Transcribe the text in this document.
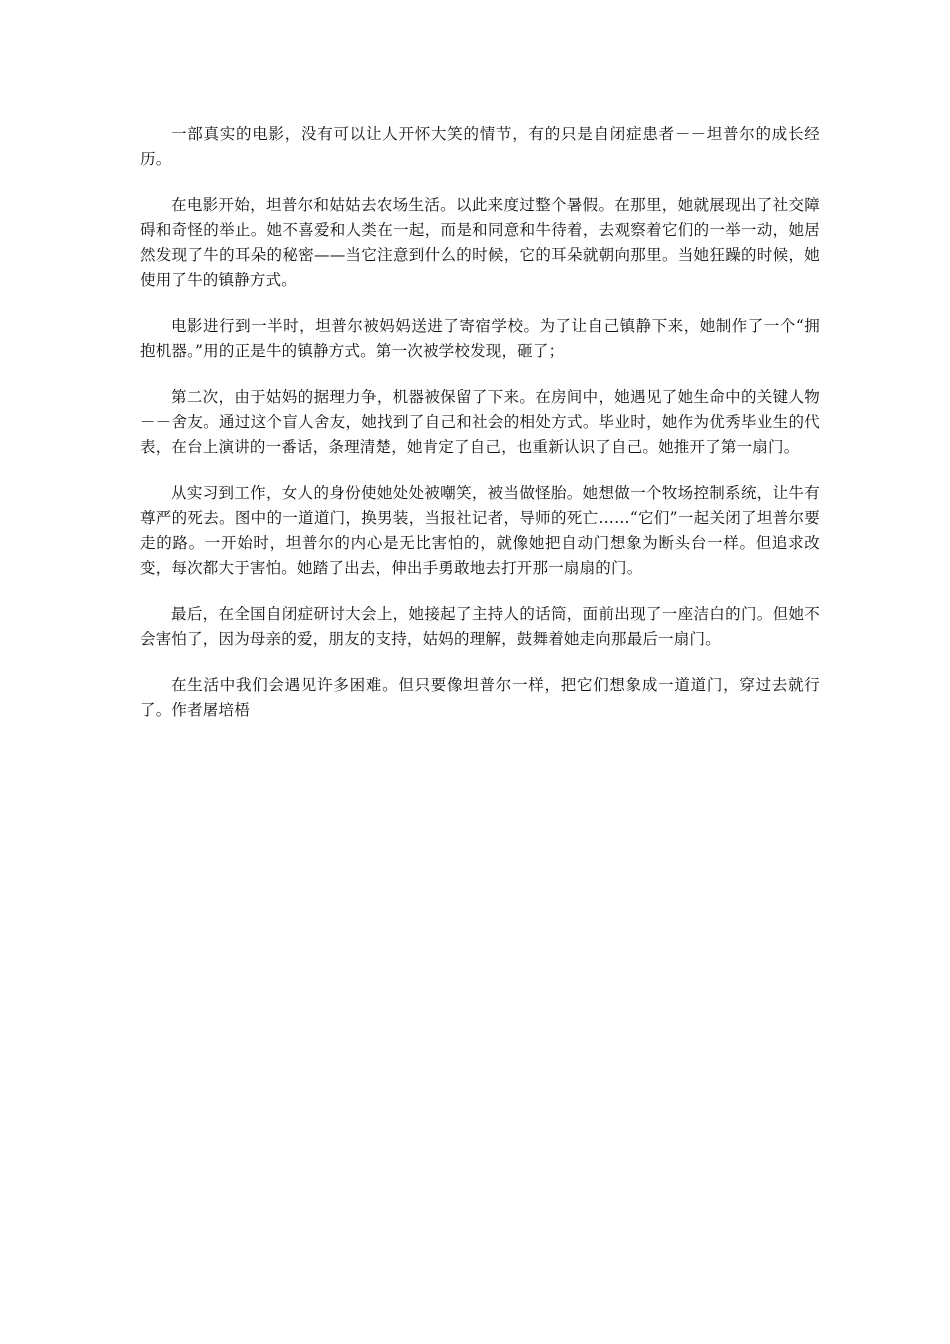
一部真实的电影，没有可以让人开怀大笑的情节，有的只是自闭症患者－－坦普尔的成长经历。

在电影开始，坦普尔和姑姑去农场生活。以此来度过整个暑假。在那里，她就展现出了社交障碍和奇怪的举止。她不喜爱和人类在一起，而是和同意和牛待着，去观察着它们的一举一动，她居然发现了牛的耳朵的秘密——当它注意到什么的时候，它的耳朵就朝向那里。当她狂躁的时候，她使用了牛的镇静方式。

电影进行到一半时，坦普尔被妈妈送进了寄宿学校。为了让自己镇静下来，她制作了一个“拥抱机器。”用的正是牛的镇静方式。第一次被学校发现，砸了；

第二次，由于姑妈的据理力争，机器被保留了下来。在房间中，她遇见了她生命中的关键人物－－舍友。通过这个盲人舍友，她找到了自己和社会的相处方式。毕业时，她作为优秀毕业生的代表，在台上演讲的一番话，条理清楚，她肯定了自己，也重新认识了自己。她推开了第一扇门。

从实习到工作，女人的身份使她处处被嘲笑，被当做怪胎。她想做一个牧场控制系统，让牛有尊严的死去。图中的一道道门，换男装，当报社记者，导师的死亡……“它们”一起关闭了坦普尔要走的路。一开始时，坦普尔的内心是无比害怕的，就像她把自动门想象为断头台一样。但追求改变，每次都大于害怕。她踏了出去，伸出手勇敢地去打开那一扇扇的门。

最后，在全国自闭症研讨大会上，她接起了主持人的话筒，面前出现了一座洁白的门。但她不会害怕了，因为母亲的爱，朋友的支持，姑妈的理解，鼓舞着她走向那最后一扇门。

在生活中我们会遇见许多困难。但只要像坦普尔一样，把它们想象成一道道门，穿过去就行了。作者屠培梧
